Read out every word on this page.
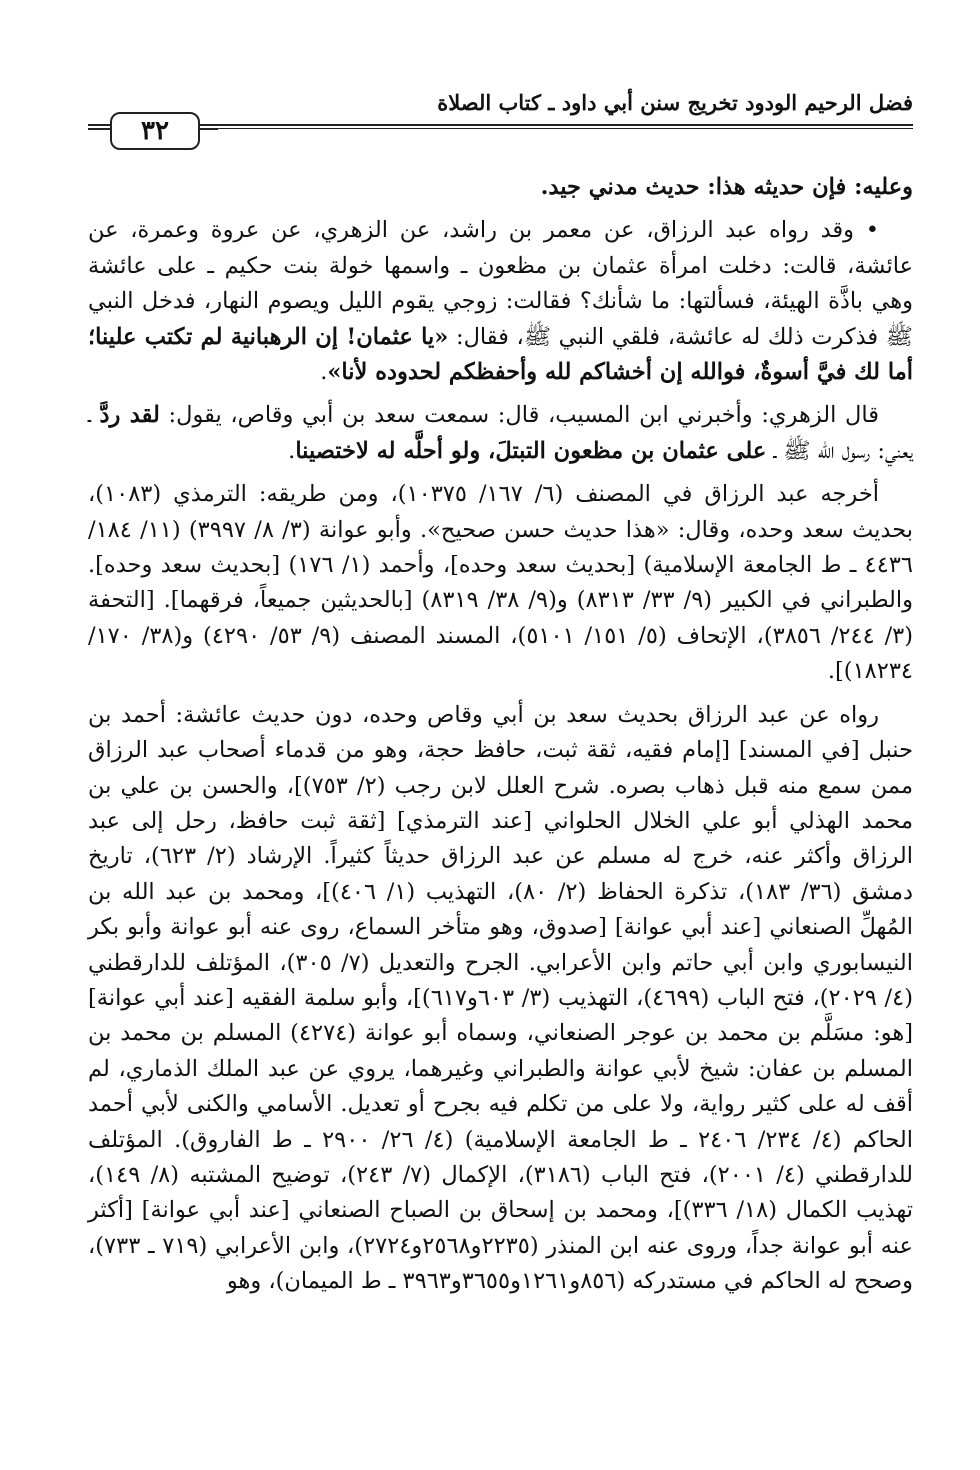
فضل الرحيم الودود تخريج سنن أبي داود ـ كتاب الصلاة
٣٢

وعليه: فإن حديثه هذا: حديث مدني جيد.

• وقد رواه عبد الرزاق، عن معمر بن راشد، عن الزهري، عن عروة وعمرة، عن عائشة، قالت: دخلت امرأة عثمان بن مظعون ـ واسمها خولة بنت حكيم ـ على عائشة وهي باذَّة الهيئة، فسألتها: ما شأنك؟ فقالت: زوجي يقوم الليل ويصوم النهار، فدخل النبي ﷺ فذكرت ذلك له عائشة، فلقي النبي ﷺ، فقال: «يا عثمان! إن الرهبانية لم تكتب علينا؛ أما لك فيَّ أسوةٌ، فوالله إن أخشاكم لله وأحفظكم لحدوده لأنا».

قال الزهري: وأخبرني ابن المسيب، قال: سمعت سعد بن أبي وقاص، يقول: لقد ردَّ ـ يعني: رسول الله ﷺ ـ على عثمان بن مظعون التبتلَ، ولو أحلَّه له لاختصينا.

أخرجه عبد الرزاق في المصنف (٦/ ١٦٧/ ١٠٣٧٥)، ومن طريقه: الترمذي (١٠٨٣)، بحديث سعد وحده، وقال: «هذا حديث حسن صحيح». وأبو عوانة (٣/ ٨/ ٣٩٩٧) (١١/ ١٨٤/ ٤٤٣٦ ـ ط الجامعة الإسلامية) [بحديث سعد وحده]، وأحمد (١/ ١٧٦) [بحديث سعد وحده]. والطبراني في الكبير (٩/ ٣٣/ ٨٣١٣) و(٩/ ٣٨/ ٨٣١٩) [بالحديثين جميعاً، فرقهما]. [التحفة (٣/ ٢٤٤/ ٣٨٥٦)، الإتحاف (٥/ ١٥١/ ٥١٠١)، المسند المصنف (٩/ ٥٣/ ٤٢٩٠) و(٣٨/ ١٧٠/ ١٨٢٣٤)].

رواه عن عبد الرزاق بحديث سعد بن أبي وقاص وحده، دون حديث عائشة: أحمد بن حنبل [في المسند] [إمام فقيه، ثقة ثبت، حافظ حجة، وهو من قدماء أصحاب عبد الرزاق ممن سمع منه قبل ذهاب بصره. شرح العلل لابن رجب (٢/ ٧٥٣)]، والحسن بن علي بن محمد الهذلي أبو علي الخلال الحلواني [عند الترمذي] [ثقة ثبت حافظ، رحل إلى عبد الرزاق وأكثر عنه، خرج له مسلم عن عبد الرزاق حديثاً كثيراً. الإرشاد (٢/ ٦٢٣)، تاريخ دمشق (٣٦/ ١٨٣)، تذكرة الحفاظ (٢/ ٨٠)، التهذيب (١/ ٤٠٦)]، ومحمد بن عبد الله بن المُهلِّ الصنعاني [عند أبي عوانة] [صدوق، وهو متأخر السماع، روى عنه أبو عوانة وأبو بكر النيسابوري وابن أبي حاتم وابن الأعرابي. الجرح والتعديل (٧/ ٣٠٥)، المؤتلف للدارقطني (٤/ ٢٠٢٩)، فتح الباب (٤٦٩٩)، التهذيب (٣/ ٦٠٣و٦١٧)]، وأبو سلمة الفقيه [عند أبي عوانة] [هو: مسَلَّم بن محمد بن عوجر الصنعاني، وسماه أبو عوانة (٤٢٧٤) المسلم بن محمد بن المسلم بن عفان: شيخ لأبي عوانة والطبراني وغيرهما، يروي عن عبد الملك الذماري، لم أقف له على كثير رواية، ولا على من تكلم فيه بجرح أو تعديل. الأسامي والكنى لأبي أحمد الحاكم (٤/ ٢٣٤/ ٢٤٠٦ ـ ط الجامعة الإسلامية) (٤/ ٢٦/ ٢٩٠٠ ـ ط الفاروق). المؤتلف للدارقطني (٤/ ٢٠٠١)، فتح الباب (٣١٨٦)، الإكمال (٧/ ٢٤٣)، توضيح المشتبه (٨/ ١٤٩)، تهذيب الكمال (١٨/ ٣٣٦)]، ومحمد بن إسحاق بن الصباح الصنعاني [عند أبي عوانة] [أكثر عنه أبو عوانة جداً، وروى عنه ابن المنذر (٢٢٣٥و٢٥٦٨و٢٧٢٤)، وابن الأعرابي (٧١٩ ـ ٧٣٣)، وصحح له الحاكم في مستدركه (٨٥٦و١٢٦١و٣٦٥٥و٣٩٦٣ ـ ط الميمان)، وهو
